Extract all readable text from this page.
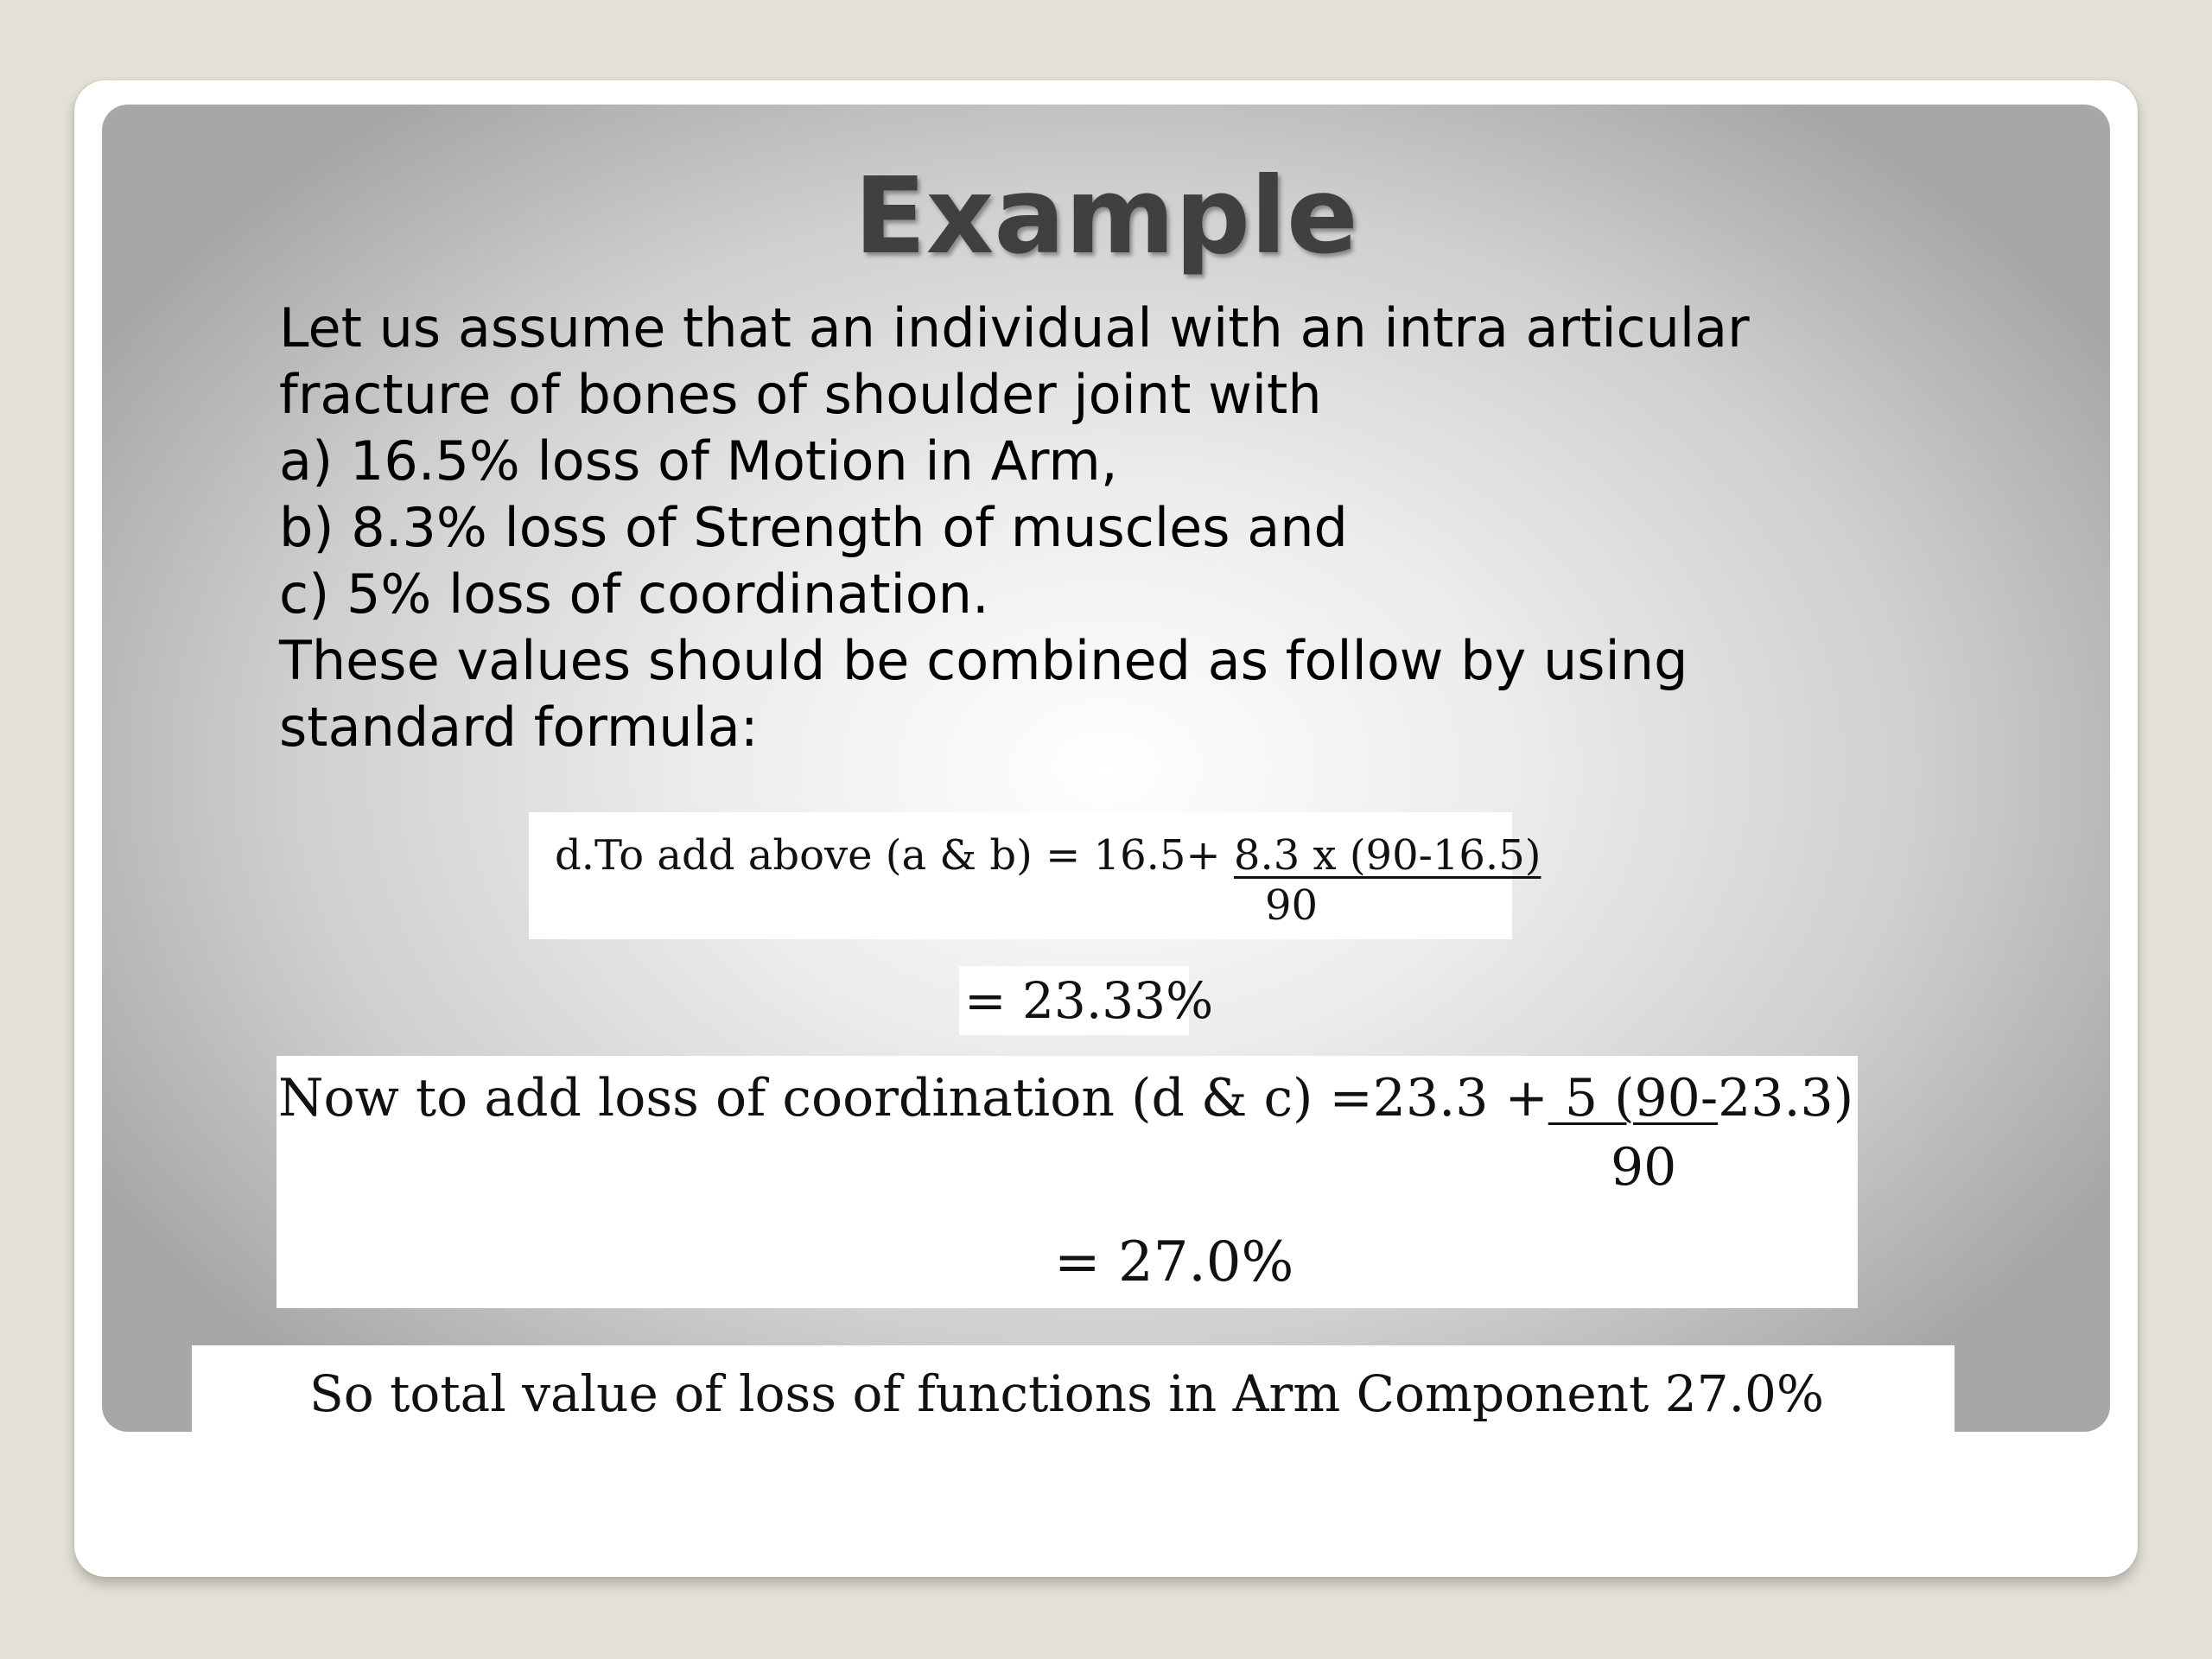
Example
Let us assume that an individual with an intra articular
fracture of bones of shoulder joint with
a) 16.5% loss of Motion in Arm,
b) 8.3% loss of Strength of muscles and
c) 5% loss of coordination.
These values should be combined as follow by using
standard formula:
d.To add above (a & b) = 16.5+ 8.3 x (90-16.5)
90
= 23.33%
Now to add loss of coordination (d & c) =23.3 + 5 (90-23.3)
90
= 27.0%
So total value of loss of functions in Arm Component 27.0%
